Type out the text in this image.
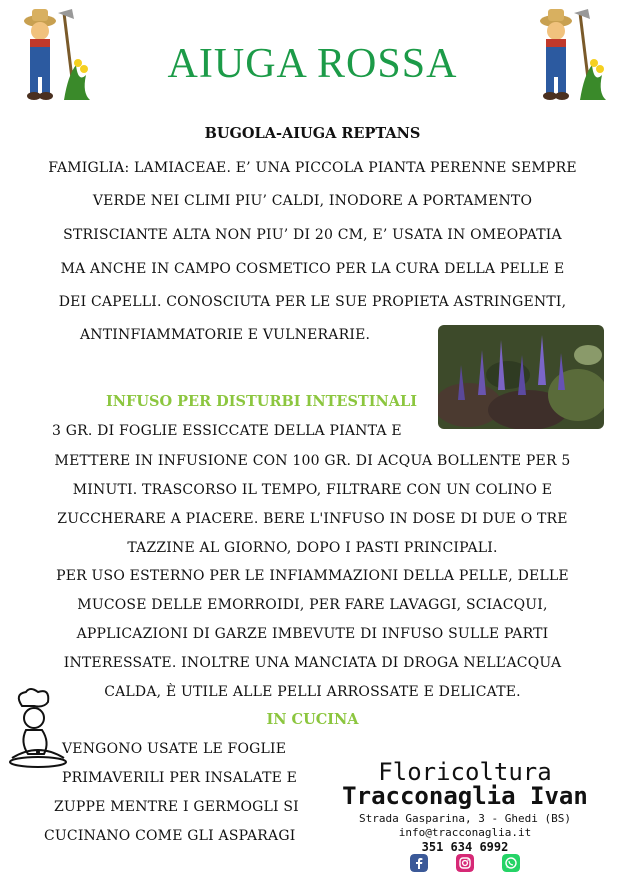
AIUGA ROSSA
BUGOLA-AIUGA REPTANS
FAMIGLIA: LAMIACEAE. E’ UNA PICCOLA PIANTA PERENNE SEMPRE
VERDE NEI CLIMI PIU’ CALDI, INODORE A PORTAMENTO
STRISCIANTE ALTA NON PIU’ DI 20 CM, E’ USATA IN OMEOPATIA
MA ANCHE IN CAMPO COSMETICO PER LA CURA DELLA PELLE E
DEI CAPELLI. CONOSCIUTA PER LE SUE PROPIETA ASTRINGENTI,
ANTINFIAMMATORIE E VULNERARIE.
INFUSO PER DISTURBI INTESTINALI
3 GR. DI FOGLIE ESSICCATE DELLA PIANTA E
METTERE IN INFUSIONE CON 100 GR. DI ACQUA BOLLENTE PER 5
MINUTI. TRASCORSO IL TEMPO, FILTRARE CON UN COLINO E
ZUCCHERARE A PIACERE. BERE L'INFUSO IN DOSE DI DUE O TRE
TAZZINE AL GIORNO, DOPO I PASTI PRINCIPALI.
PER USO ESTERNO PER LE INFIAMMAZIONI DELLA PELLE, DELLE
MUCOSE DELLE EMORROIDI, PER FARE LAVAGGI, SCIACQUI,
APPLICAZIONI DI GARZE IMBEVUTE DI INFUSO SULLE PARTI
INTERESSATE. INOLTRE UNA MANCIATA DI DROGA NELL’ACQUA
CALDA, È UTILE ALLE PELLI ARROSSATE E DELICATE.
IN CUCINA
VENGONO USATE LE FOGLIE
PRIMAVERILI PER INSALATE E
ZUPPE MENTRE I GERMOGLI SI
CUCINANO COME GLI ASPARAGI
Floricoltura
Tracconaglia Ivan
Strada Gasparina, 3 - Ghedi (BS)
info@tracconaglia.it
351 634 6992
